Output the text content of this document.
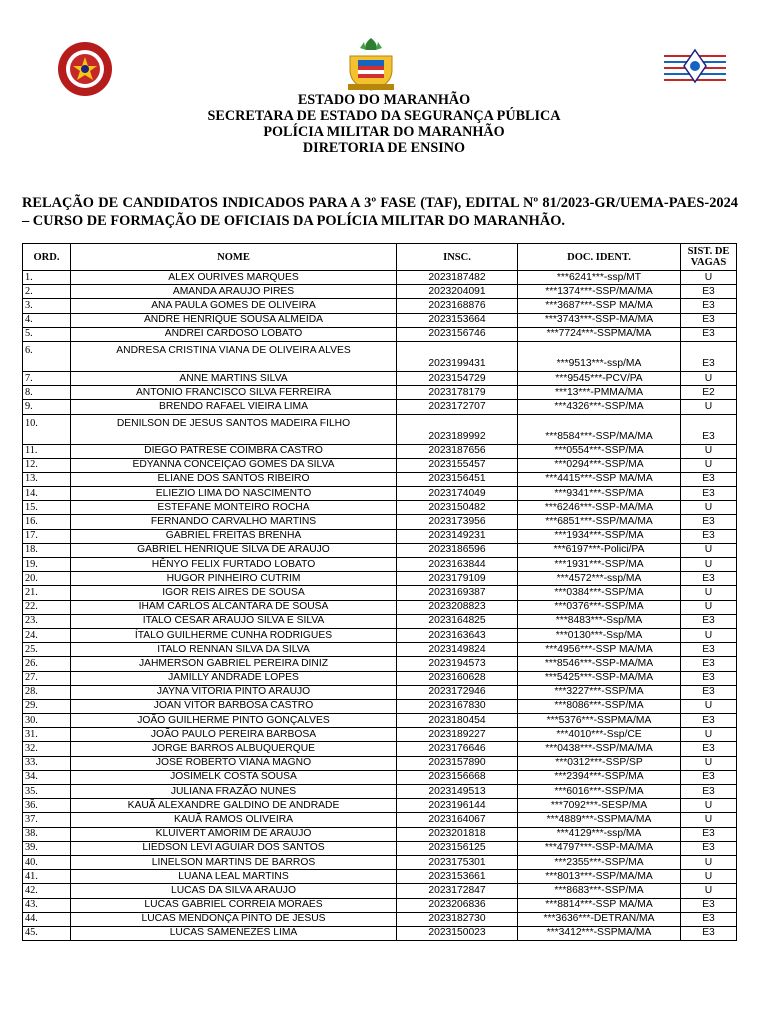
ESTADO DO MARANHÃO
SECRETARA DE ESTADO DA SEGURANÇA PÚBLICA
POLÍCIA MILITAR DO MARANHÃO
DIRETORIA DE ENSINO
RELAÇÃO DE CANDIDATOS INDICADOS PARA A 3º FASE (TAF), EDITAL Nº 81/2023-GR/UEMA-PAES-2024 – CURSO DE FORMAÇÃO DE OFICIAIS DA POLÍCIA MILITAR DO MARANHÃO.
ORD.	NOME	INSC.	DOC. IDENT.	SIST. DE VAGAS
1.	ALEX OURIVES MARQUES	2023187482	***6241***-ssp/MT	U
2.	AMANDA ARAUJO PIRES	2023204091	***1374***-SSP/MA/MA	E3
3.	ANA PAULA GOMES DE OLIVEIRA	2023168876	***3687***-SSP MA/MA	E3
4.	ANDRÉ HENRIQUE SOUSA ALMEIDA	2023153664	***3743***-SSP-MA/MA	E3
5.	ANDREI CARDOSO LOBATO	2023156746	***7724***-SSPMA/MA	E3
6.	ANDRESA CRISTINA VIANA DE OLIVEIRA ALVES	2023199431	***9513***-ssp/MA	E3
7.	ANNE MARTINS SILVA	2023154729	***9545***-PCV/PA	U
8.	ANTONIO FRANCISCO SILVA FERREIRA	2023178179	***13***-PMMA/MA	E2
9.	BRENDO RAFAEL VIEIRA LIMA	2023172707	***4326***-SSP/MA	U
10.	DENILSON DE JESUS SANTOS MADEIRA FILHO	2023189992	***8584***-SSP/MA/MA	E3
11.	DIEGO PATRESE COIMBRA CASTRO	2023187656	***0554***-SSP/MA	U
12.	EDYANNA CONCEIÇAO GOMES DA SILVA	2023155457	***0294***-SSP/MA	U
13.	ELIANE DOS SANTOS RIBEIRO	2023156451	***4415***-SSP MA/MA	E3
14.	ELIEZIO LIMA DO NASCIMENTO	2023174049	***9341***-SSP/MA	E3
15.	ESTEFANE MONTEIRO ROCHA	2023150482	***6246***-SSP-MA/MA	U
16.	FERNANDO CARVALHO MARTINS	2023173956	***6851***-SSP/MA/MA	E3
17.	GABRIEL FREITAS BRENHA	2023149231	***1934***-SSP/MA	E3
18.	GABRIEL HENRIQUE SILVA DE ARAÚJO	2023186596	***6197***-Polici/PA	U
19.	HÊNYO FELIX FURTADO LOBATO	2023163844	***1931***-SSP/MA	U
20.	HUGOR PINHEIRO CUTRIM	2023179109	***4572***-ssp/MA	E3
21.	IGOR REIS AIRES DE SOUSA	2023169387	***0384***-SSP/MA	U
22.	IHAM CARLOS ALCANTARA DE SOUSA	2023208823	***0376***-SSP/MA	U
23.	ITALO CESAR ARAUJO SILVA E SILVA	2023164825	***8483***-Ssp/MA	E3
24.	ÍTALO GUILHERME CUNHA RODRIGUES	2023163643	***0130***-Ssp/MA	U
25.	ITALO RENNAN SILVA DA SILVA	2023149824	***4956***-SSP MA/MA	E3
26.	JAHMERSON GABRIEL PEREIRA DINIZ	2023194573	***8546***-SSP-MA/MA	E3
27.	JAMILLY ANDRADE LOPES	2023160628	***5425***-SSP-MA/MA	E3
28.	JAYNA VITORIA PINTO ARAUJO	2023172946	***3227***-SSP/MA	E3
29.	JOAN VITOR BARBOSA CASTRO	2023167830	***8086***-SSP/MA	U
30.	JOÃO GUILHERME PINTO GONÇALVES	2023180454	***5376***-SSPMA/MA	E3
31.	JOÃO PAULO PEREIRA BARBOSA	2023189227	***4010***-Ssp/CE	U
32.	JORGE BARROS ALBUQUERQUE	2023176646	***0438***-SSP/MA/MA	E3
33.	JOSÉ ROBERTO VIANA MAGNO	2023157890	***0312***-SSP/SP	U
34.	JOSIMELK COSTA SOUSA	2023156668	***2394***-SSP/MA	E3
35.	JULIANA FRAZÃO NUNES	2023149513	***6016***-SSP/MA	E3
36.	KAUÃ ALEXANDRE GALDINO DE ANDRADE	2023196144	***7092***-SESP/MA	U
37.	KAUÃ RAMOS OLIVEIRA	2023164067	***4889***-SSPMA/MA	U
38.	KLUIVERT AMORIM DE ARAUJO	2023201818	***4129***-ssp/MA	E3
39.	LIEDSON LEVI AGUIAR DOS SANTOS	2023156125	***4797***-SSP-MA/MA	E3
40.	LINELSON MARTINS DE BARROS	2023175301	***2355***-SSP/MA	U
41.	LUANA LEAL MARTINS	2023153661	***8013***-SSP/MA/MA	U
42.	LUCAS DA SILVA ARAUJO	2023172847	***8683***-SSP/MA	U
43.	LUCAS GABRIEL CORREIA MORAES	2023206836	***8814***-SSP MA/MA	E3
44.	LUCAS MENDONÇA PINTO DE JESUS	2023182730	***3636***-DETRAN/MA	E3
45.	LUCAS SAMENEZES LIMA	2023150023	***3412***-SSPMA/MA	E3
